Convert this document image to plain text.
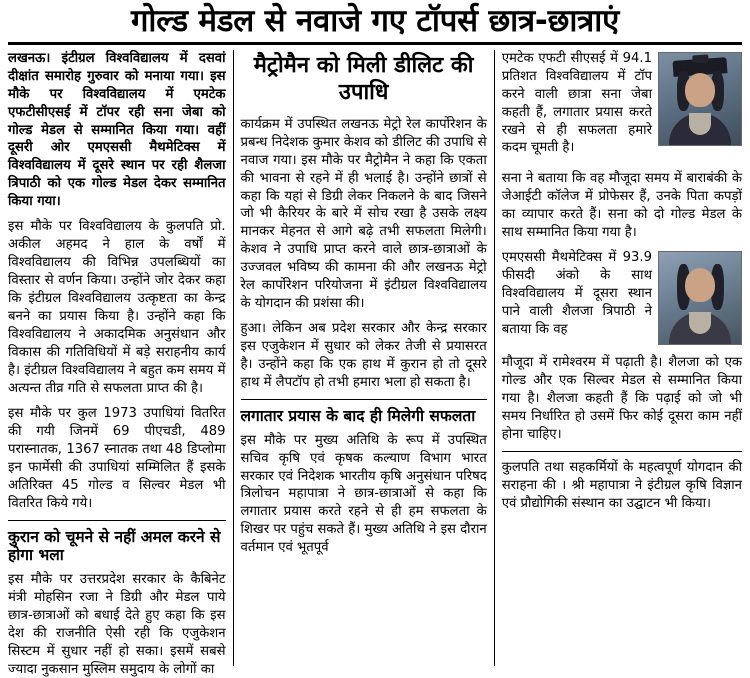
गोल्ड मेडल से नवाजे गए टॉपर्स छात्र-छात्राएं

लखनऊ। इंटीग्रल विश्वविद्यालय में दसवां दीक्षांत समारोह गुरुवार को मनाया गया। इस मौके पर विश्वविद्यालय में एमटेक एफटीसीएसई में टॉपर रही सना जेबा को गोल्ड मेडल से सम्मानित किया गया। वहीं दूसरी ओर एमएससी मैथमेटिक्स में विश्वविद्यालय में दूसरे स्थान पर रही शैलजा त्रिपाठी को एक गोल्ड मेडल देकर सम्मानित किया गया।

इस मौके पर विश्वविद्यालय के कुलपति प्रो. अकील अहमद ने हाल के वर्षों में विश्वविद्यालय की विभिन्न उपलब्धियों का विस्तार से वर्णन किया। उन्होंने जोर देकर कहा कि इंटीग्रल विश्वविद्यालय उत्कृष्टता का केन्द्र बनने का प्रयास किया है। उन्होंने कहा कि विश्वविद्यालय ने अकादमिक अनुसंधान और विकास की गतिविधियों में बड़े सराहनीय कार्य है। इंटीग्रल विश्वविद्यालय ने बहुत कम समय में अत्यन्त तीव्र गति से सफलता प्राप्त की है।

इस मौके पर कुल 1973 उपाधियां वितरित की गयी जिनमें 69 पीएचडी, 489 परास्नातक, 1367 स्नातक तथा 48 डिप्लोमा इन फार्मेसी की उपाधियां सम्मिलित हैं इसके अतिरिक्त 45 गोल्ड व सिल्वर मेडल भी वितरित किये गये।

कुरान को चूमने से नहीं अमल करने से होगा भला

इस मौके पर उत्तरप्रदेश सरकार के कैबिनेट मंत्री मोहसिन रजा ने डिग्री और मेडल पाये छात्र-छात्राओं को बधाई देते हुए कहा कि इस देश की राजनीति ऐसी रही कि एजुकेशन सिस्टम में सुधार नहीं हो सका। इसमें सबसे ज्यादा नुकसान मुस्लिम समुदाय के लोगों का

मैट्रोमैन को मिली डीलिट की उपाधि

कार्यक्रम में उपस्थित लखनऊ मेट्रो रेल कार्पोरेशन के प्रबन्ध निदेशक कुमार केशव को डीलिट की उपाधि से नवाज गया। इस मौके पर मैट्रोमैन ने कहा कि एकता की भावना से रहने में ही भलाई है। उन्होंने छात्रों से कहा कि यहां से डिग्री लेकर निकलने के बाद जिसने जो भी कैरियर के बारे में सोच रखा है उसके लक्ष्य मानकर मेहनत से आगे बढ़े तभी सफलता मिलेगी। केशव ने उपाधि प्राप्त करने वाले छात्र-छात्राओं के उज्जवल भविष्य की कामना की और लखनऊ मेट्रो रेल कार्पोरेशन परियोजना में इंटीग्रल विश्वविद्यालय के योगदान की प्रशंसा की।

हुआ। लेकिन अब प्रदेश सरकार और केन्द्र सरकार इस एजुकेशन में सुधार को लेकर तेजी से प्रयासरत है। उन्होंने कहा कि एक हाथ में कुरान हो तो दूसरे हाथ में लैपटॉप हो तभी हमारा भला हो सकता है।

लगातार प्रयास के बाद ही मिलेगी सफलता

इस मौके पर मुख्य अतिथि के रूप में उपस्थित सचिव कृषि एवं कृषक कल्याण विभाग भारत सरकार एवं निदेशक भारतीय कृषि अनुसंधान परिषद त्रिलोचन महापात्रा ने छात्र-छात्राओं से कहा कि लगातार प्रयास करते रहने से ही हम सफलता के शिखर पर पहुंच सकते हैं। मुख्य अतिथि ने इस दौरान वर्तमान एवं भूतपूर्व

एमटेक एफटी सीएसई में 94.1 प्रतिशत विश्वविद्यालय में टॉप करने वाली छात्रा सना जेबा कहती हैं, लगातार प्रयास करते रखने से ही सफलता हमारे कदम चूमती है।

सना ने बताया कि वह मौजूदा समय में बाराबंकी के जेआईटी कॉलेज में प्रोफेसर हैं, उनके पिता कपड़ों का व्यापार करते हैं। सना को दो गोल्ड मेडल के साथ सम्मानित किया गया है।

एमएससी मैथमेटिक्स में 93.9 फीसदी अंको के साथ विश्वविद्यालय में दूसरा स्थान पाने वाली शैलजा त्रिपाठी ने बताया कि वह

मौजूदा में रामेश्वरम में पढ़ाती है। शैलजा को एक गोल्ड और एक सिल्वर मेडल से सम्मानित किया गया है। शैलजा कहती हैं कि पढ़ाई को जो भी समय निर्धारित हो उसमें फिर कोई दूसरा काम नहीं होना चाहिए।

कुलपति तथा सहकर्मियों के महत्वपूर्ण योगदान की सराहना की । श्री महापात्रा ने इंटीग्रल कृषि विज्ञान एवं प्रौद्योगिकी संस्थान का उद्घाटन भी किया।
